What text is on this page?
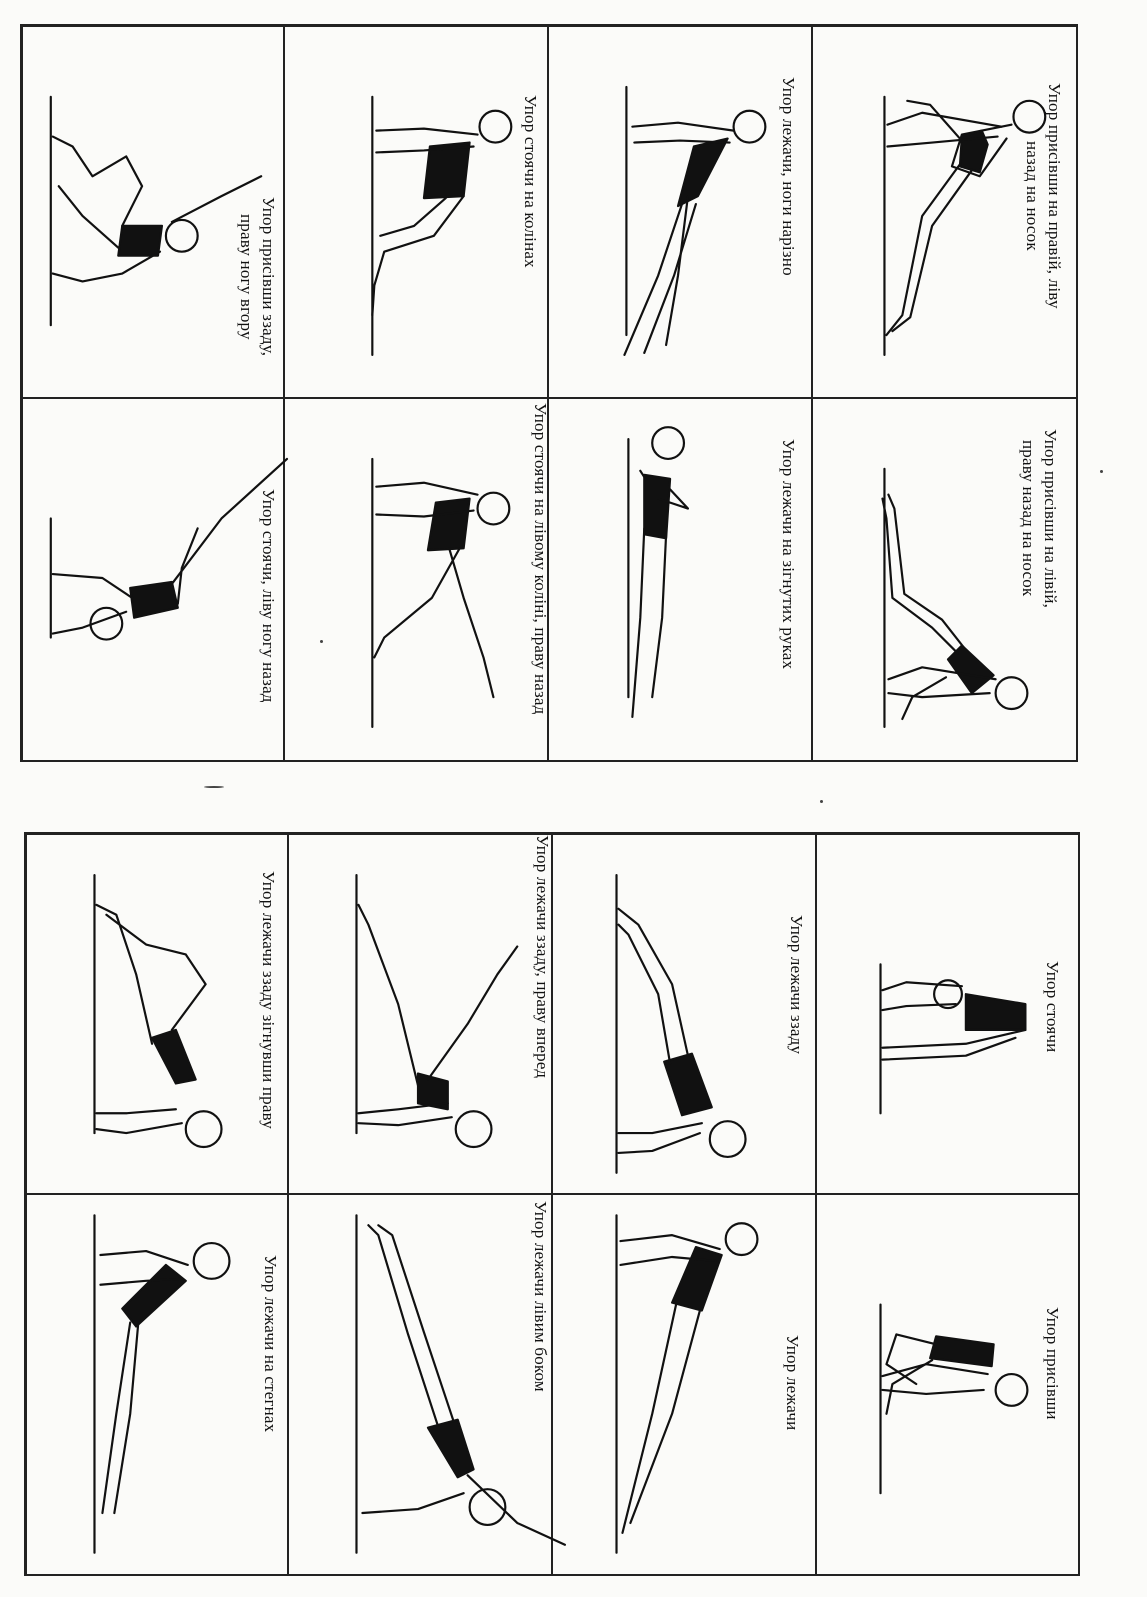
Упор присівши на правій, ліву
назад на носок
Упор присівши на лівій,
праву назад на носок
Упор лежачи, ноги нарізно
Упор лежачи на зігнутих руках
Упор стоячи на колінах
Упор стоячи на лівому коліні, праву назад
Упор присівши ззаду,
праву ногу вгору
Упор стоячи, ліву ногу назад
Упор стоячи
Упор присівши
Упор лежачи ззаду
Упор лежачи
Упор лежачи ззаду, праву вперед
Упор лежачи лівим боком
Упор лежачи ззаду зігнувши праву
Упор лежачи на стегнах
